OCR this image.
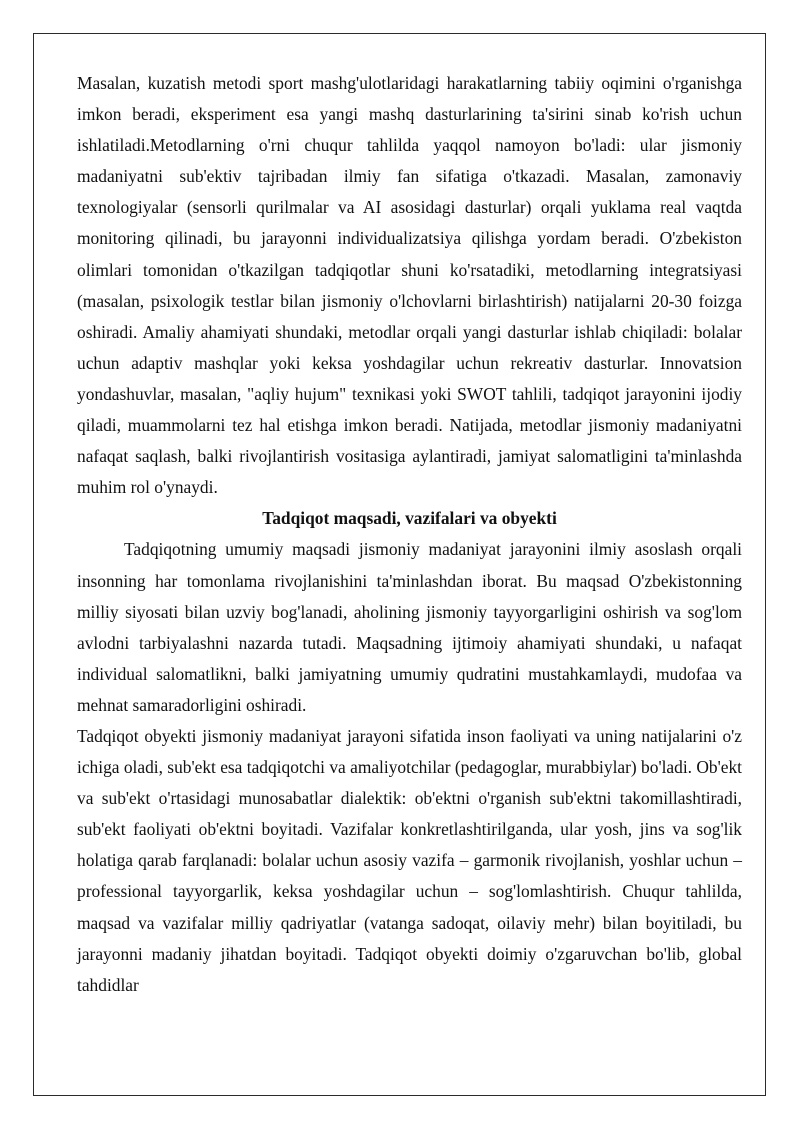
Masalan, kuzatish metodi sport mashg'ulotlaridagi harakatlarning tabiiy oqimini o'rganishga imkon beradi, eksperiment esa yangi mashq dasturlarining ta'sirini sinab ko'rish uchun ishlatiladi.Metodlarning o'rni chuqur tahlilda yaqqol namoyon bo'ladi: ular jismoniy madaniyatni sub'ektiv tajribadan ilmiy fan sifatiga o'tkazadi. Masalan, zamonaviy texnologiyalar (sensorli qurilmalar va AI asosidagi dasturlar) orqali yuklama real vaqtda monitoring qilinadi, bu jarayonni individualizatsiya qilishga yordam beradi. O'zbekiston olimlari tomonidan o'tkazilgan tadqiqotlar shuni ko'rsatadiki, metodlarning integratsiyasi (masalan, psixologik testlar bilan jismoniy o'lchovlarni birlashtirish) natijalarni 20-30 foizga oshiradi. Amaliy ahamiyati shundaki, metodlar orqali yangi dasturlar ishlab chiqiladi: bolalar uchun adaptiv mashqlar yoki keksa yoshdagilar uchun rekreativ dasturlar. Innovatsion yondashuvlar, masalan, "aqliy hujum" texnikasi yoki SWOT tahlili, tadqiqot jarayonini ijodiy qiladi, muammolarni tez hal etishga imkon beradi. Natijada, metodlar jismoniy madaniyatni nafaqat saqlash, balki rivojlantirish vositasiga aylantiradi, jamiyat salomatligini ta'minlashda muhim rol o'ynaydi.

Tadqiqot maqsadi, vazifalari va obyekti

Tadqiqotning umumiy maqsadi jismoniy madaniyat jarayonini ilmiy asoslash orqali insonning har tomonlama rivojlanishini ta'minlashdan iborat. Bu maqsad O'zbekistonning milliy siyosati bilan uzviy bog'lanadi, aholining jismoniy tayyorgarligini oshirish va sog'lom avlodni tarbiyalashni nazarda tutadi. Maqsadning ijtimoiy ahamiyati shundaki, u nafaqat individual salomatlikni, balki jamiyatning umumiy qudratini mustahkamlaydi, mudofaa va mehnat samaradorligini oshiradi.

Tadqiqot obyekti jismoniy madaniyat jarayoni sifatida inson faoliyati va uning natijalarini o'z ichiga oladi, sub'ekt esa tadqiqotchi va amaliyotchilar (pedagoglar, murabbiylar) bo'ladi. Ob'ekt va sub'ekt o'rtasidagi munosabatlar dialektik: ob'ektni o'rganish sub'ektni takomillashtiradi, sub'ekt faoliyati ob'ektni boyitadi. Vazifalar konkretlashtirilganda, ular yosh, jins va sog'lik holatiga qarab farqlanadi: bolalar uchun asosiy vazifa – garmonik rivojlanish, yoshlar uchun – professional tayyorgarlik, keksa yoshdagilar uchun – sog'lomlashtirish. Chuqur tahlilda, maqsad va vazifalar milliy qadriyatlar (vatanga sadoqat, oilaviy mehr) bilan boyitiladi, bu jarayonni madaniy jihatdan boyitadi. Tadqiqot obyekti doimiy o'zgaruvchan bo'lib, global tahdidlar
